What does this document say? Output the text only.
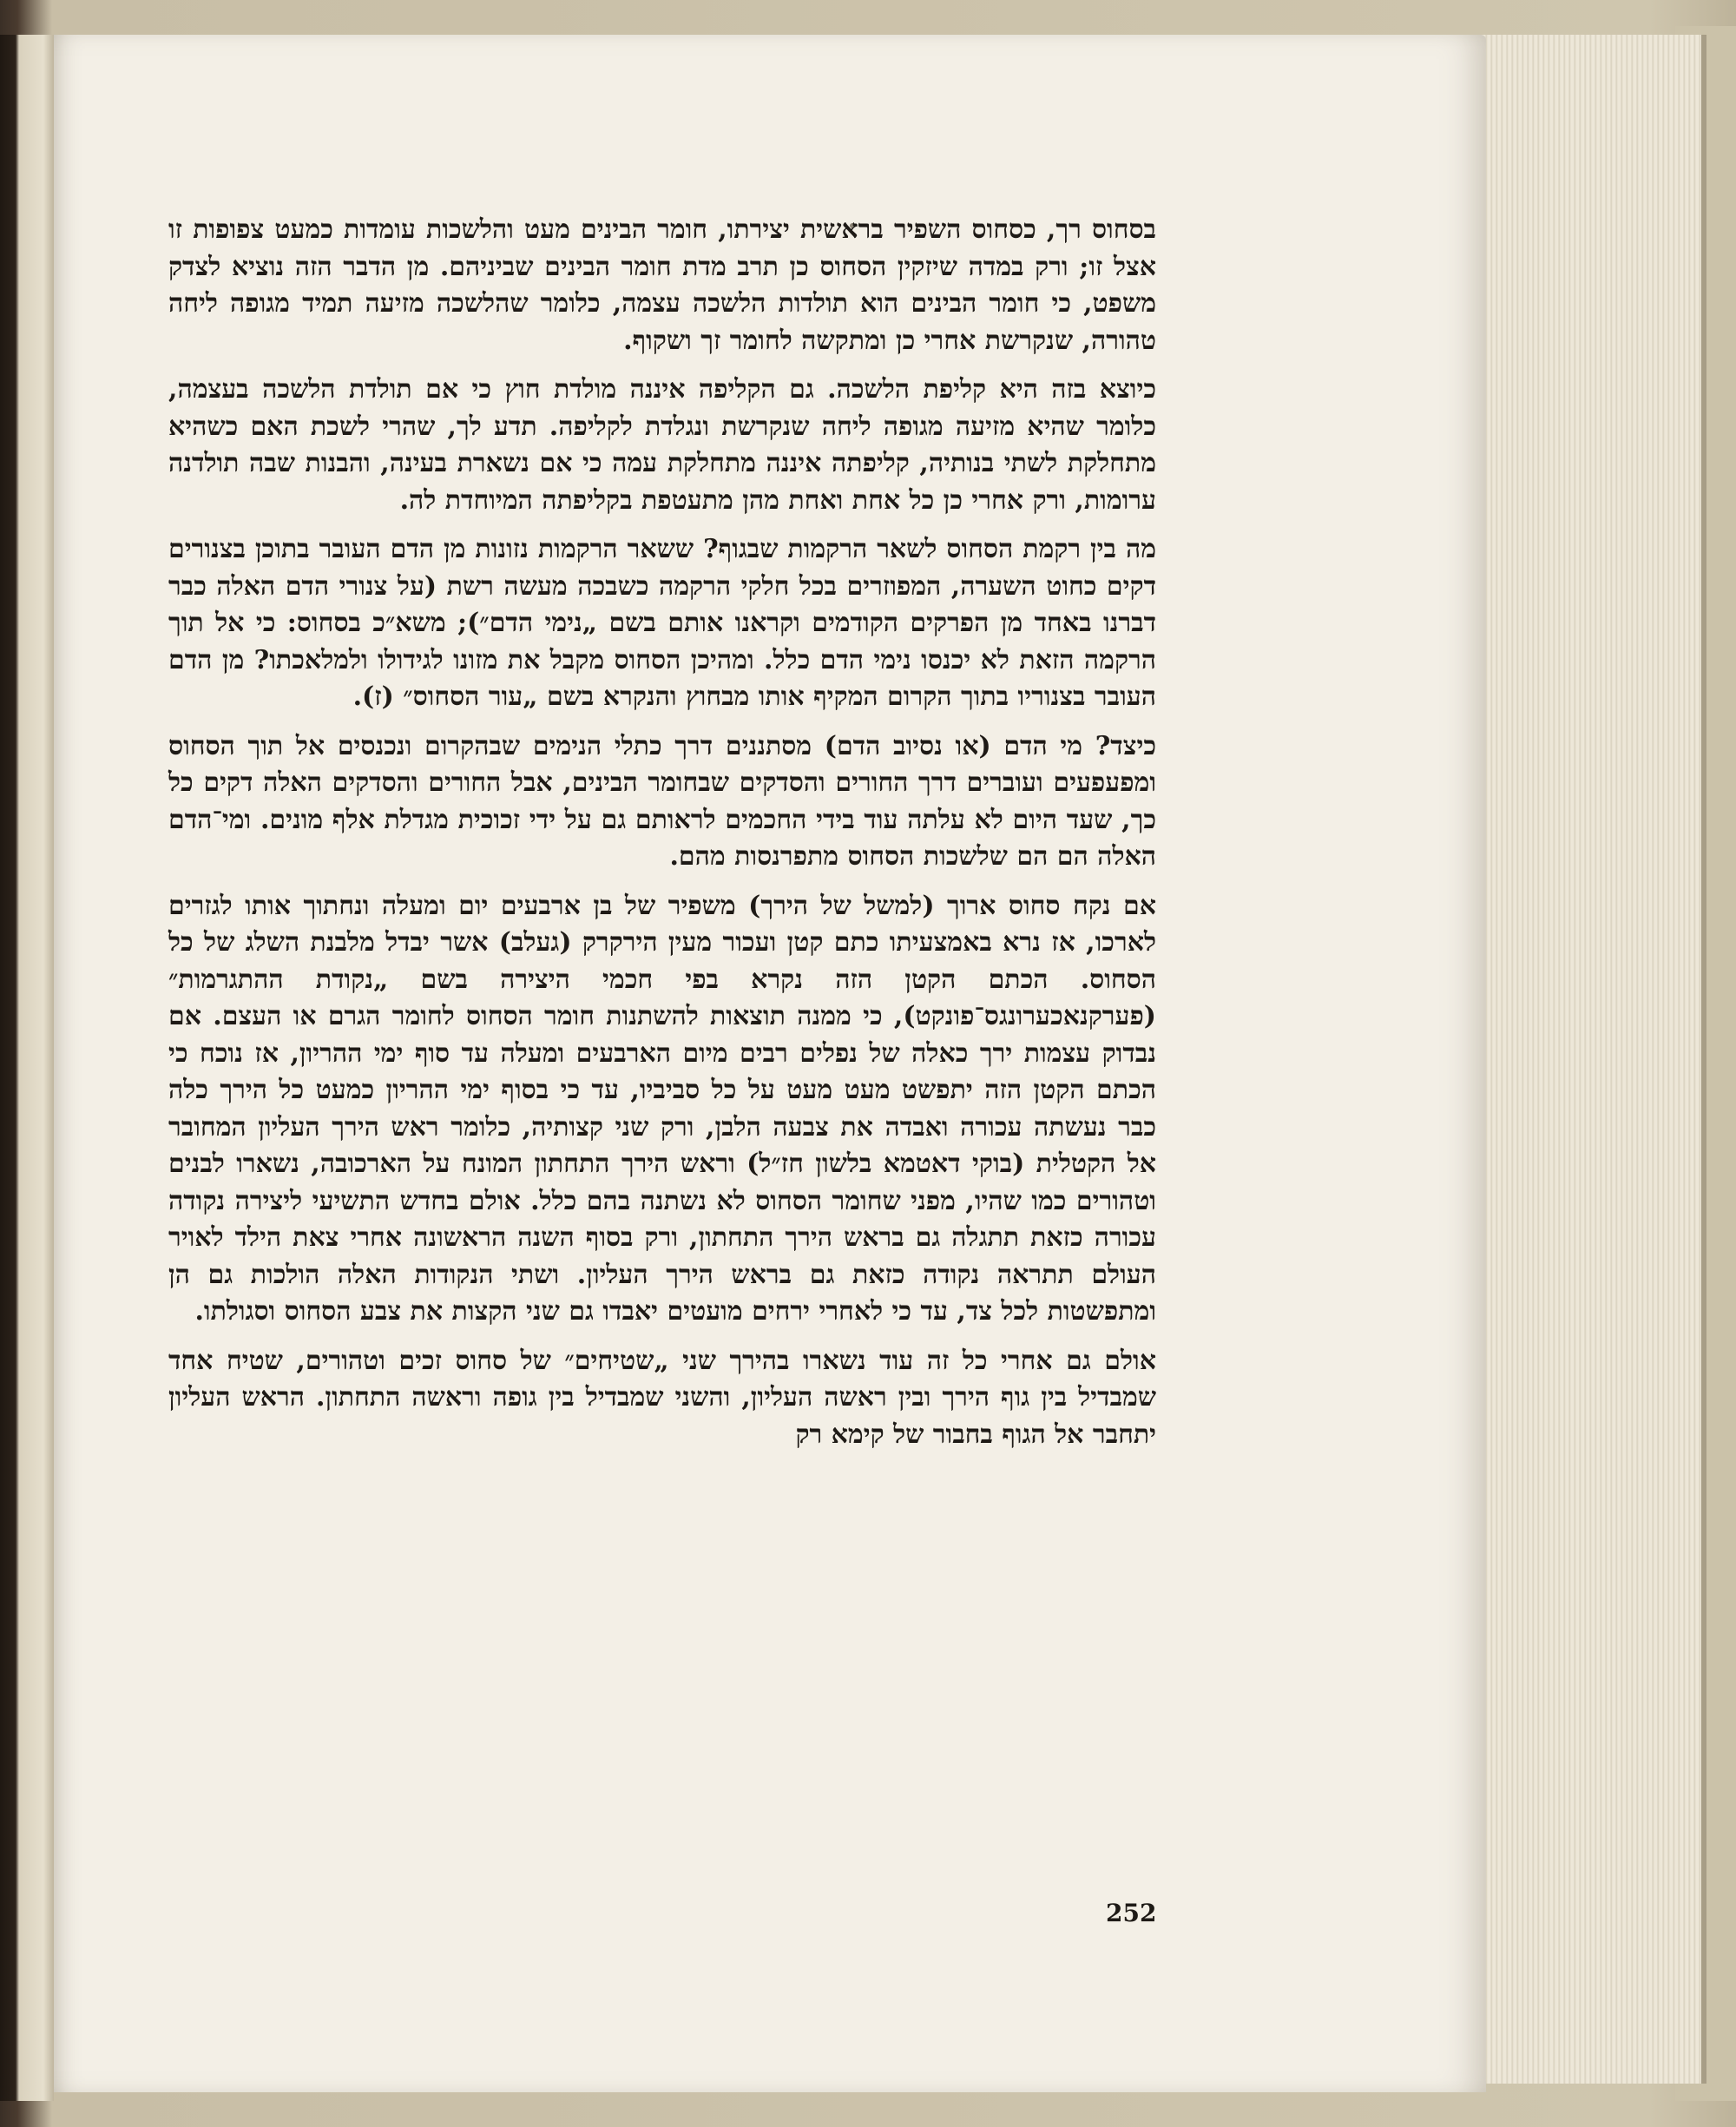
בסחוס רך, כסחוס השפיר בראשית יצירתו, חומר הבינים מעט והלשכות עומדות כמעט צפופות זו אצל זו; ורק במדה שיזקין הסחוס כן תרב מדת חומר הבינים שביניהם. מן הדבר הזה נוציא לצדק משפט, כי חומר הבינים הוא תולדות הלשכה עצמה, כלומר שהלשכה מזיעה תמיד מגופה ליחה טהורה, שנקרשת אחרי כן ומתקשה לחומר זך ושקוף.

כיוצא בזה היא קליפת הלשכה. גם הקליפה איננה מולדת חוץ כי אם תולדת הלשכה בעצמה, כלומר שהיא מזיעה מגופה ליחה שנקרשת ונגלדת לקליפה. תדע לך, שהרי לשכת האם כשהיא מתחלקת לשתי בנותיה, קליפתה איננה מתחלקת עמה כי אם נשארת בעינה, והבנות שבה תולדנה ערומות, ורק אחרי כן כל אחת ואחת מהן מתעטפת בקליפתה המיוחדת לה.

מה בין רקמת הסחוס לשאר הרקמות שבגוף? ששאר הרקמות נזונות מן הדם העובר בתוכן בצנורים דקים כחוט השערה, המפוזרים בכל חלקי הרקמה כשבכה מעשה רשת (על צנורי הדם האלה כבר דברנו באחד מן הפרקים הקודמים וקראנו אותם בשם „נימי הדם״); משא״כ בסחוס: כי אל תוך הרקמה הזאת לא יכנסו נימי הדם כלל. ומהיכן הסחוס מקבל את מזונו לגידולו ולמלאכתו? מן הדם העובר בצנוריו בתוך הקרום המקיף אותו מבחוץ והנקרא בשם „עור הסחוס״ (ז).

כיצד? מי הדם (או נסיוב הדם) מסתננים דרך כתלי הנימים שבהקרום ונכנסים אל תוך הסחוס ומפעפעים ועוברים דרך החורים והסדקים שבחומר הבינים, אבל החורים והסדקים האלה דקים כל כך, שעד היום לא עלתה עוד בידי החכמים לראותם גם על ידי זכוכית מגדלת אלף מונים. ומי־הדם האלה הם הם שלשכות הסחוס מתפרנסות מהם.

אם נקח סחוס ארוך (למשל של הירך) משפיר של בן ארבעים יום ומעלה ונחתוך אותו לגזרים לארכו, אז נרא באמצעיתו כתם קטן ועכור מעין הירקרק (געלב) אשר יבדל מלבנת השלג של כל הסחוס. הכתם הקטן הזה נקרא בפי חכמי היצירה בשם „נקודת ההתגרמות״ (פערקנאכערונגס־פונקט), כי ממנה תוצאות להשתנות חומר הסחוס לחומר הגרם או העצם. אם נבדוק עצמות ירך כאלה של נפלים רבים מיום הארבעים ומעלה עד סוף ימי ההריון, אז נוכח כי הכתם הקטן הזה יתפשט מעט מעט על כל סביביו, עד כי בסוף ימי ההריון כמעט כל הירך כלה כבר נעשתה עכורה ואבדה את צבעה הלבן, ורק שני קצותיה, כלומר ראש הירך העליון המחובר אל הקטלית (בוקי דאטמא בלשון חז״ל) וראש הירך התחתון המונח על הארכובה, נשארו לבנים וטהורים כמו שהיו, מפני שחומר הסחוס לא נשתנה בהם כלל. אולם בחדש התשיעי ליצירה נקודה עכורה כזאת תתגלה גם בראש הירך התחתון, ורק בסוף השנה הראשונה אחרי צאת הילד לאויר העולם תתראה נקודה כזאת גם בראש הירך העליון. ושתי הנקודות האלה הולכות גם הן ומתפשטות לכל צד, עד כי לאחרי ירחים מועטים יאבדו גם שני הקצות את צבע הסחוס וסגולתו.

אולם גם אחרי כל זה עוד נשארו בהירך שני „שטיחים״ של סחוס זכים וטהורים, שטיח אחד שמבדיל בין גוף הירך ובין ראשה העליון, והשני שמבדיל בין גופה וראשה התחתון. הראש העליון יתחבר אל הגוף בחבור של קימא רק

252
